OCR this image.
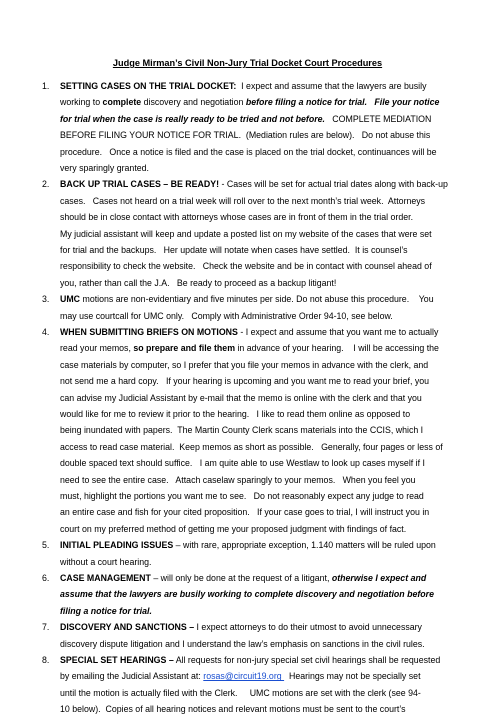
Judge Mirman’s Civil Non-Jury Trial Docket Court Procedures
1. SETTING CASES ON THE TRIAL DOCKET:  I expect and assume that the lawyers are busily
working to complete discovery and negotiation before filing a notice for trial. File your notice
for trial when the case is really ready to be tried and not before.   COMPLETE MEDIATION
BEFORE FILING YOUR NOTICE FOR TRIAL.  (Mediation rules are below).   Do not abuse this
procedure.   Once a notice is filed and the case is placed on the trial docket, continuances will be
very sparingly granted.
2. BACK UP TRIAL CASES – BE READY! - Cases will be set for actual trial dates along with back-up
cases.   Cases not heard on a trial week will roll over to the next month’s trial week.  Attorneys
should be in close contact with attorneys whose cases are in front of them in the trial order.
My judicial assistant will keep and update a posted list on my website of the cases that were set
for trial and the backups.   Her update will notate when cases have settled.  It is counsel’s
responsibility to check the website.   Check the website and be in contact with counsel ahead of
you, rather than call the J.A.   Be ready to proceed as a backup litigant!
3. UMC motions are non-evidentiary and five minutes per side. Do not abuse this procedure.    You
may use courtcall for UMC only.   Comply with Administrative Order 94-10, see below.
4. WHEN SUBMITTING BRIEFS ON MOTIONS - I expect and assume that you want me to actually
read your memos, so prepare and file them in advance of your hearing.    I will be accessing the
case materials by computer, so I prefer that you file your memos in advance with the clerk, and
not send me a hard copy.   If your hearing is upcoming and you want me to read your brief, you
can advise my Judicial Assistant by e-mail that the memo is online with the clerk and that you
would like for me to review it prior to the hearing.   I like to read them online as opposed to
being inundated with papers.  The Martin County Clerk scans materials into the CCIS, which I
access to read case material.  Keep memos as short as possible.   Generally, four pages or less of
double spaced text should suffice.   I am quite able to use Westlaw to look up cases myself if I
need to see the entire case.   Attach caselaw sparingly to your memos.   When you feel you
must, highlight the portions you want me to see.   Do not reasonably expect any judge to read
an entire case and fish for your cited proposition.   If your case goes to trial, I will instruct you in
court on my preferred method of getting me your proposed judgment with findings of fact.
5. INITIAL PLEADING ISSUES – with rare, appropriate exception, 1.140 matters will be ruled upon
without a court hearing.
6. CASE MANAGEMENT – will only be done at the request of a litigant, otherwise I expect and
assume that the lawyers are busily working to complete discovery and negotiation before
filing a notice for trial.
7. DISCOVERY AND SANCTIONS – I expect attorneys to do their utmost to avoid unnecessary
discovery dispute litigation and I understand the law’s emphasis on sanctions in the civil rules.
8. SPECIAL SET HEARINGS – All requests for non-jury special set civil hearings shall be requested
by emailing the Judicial Assistant at: rosas@circuit19.org   Hearings may not be specially set
until the motion is actually filed with the Clerk.     UMC motions are set with the clerk (see 94-
10 below).  Copies of all hearing notices and relevant motions must be sent to the court’s
